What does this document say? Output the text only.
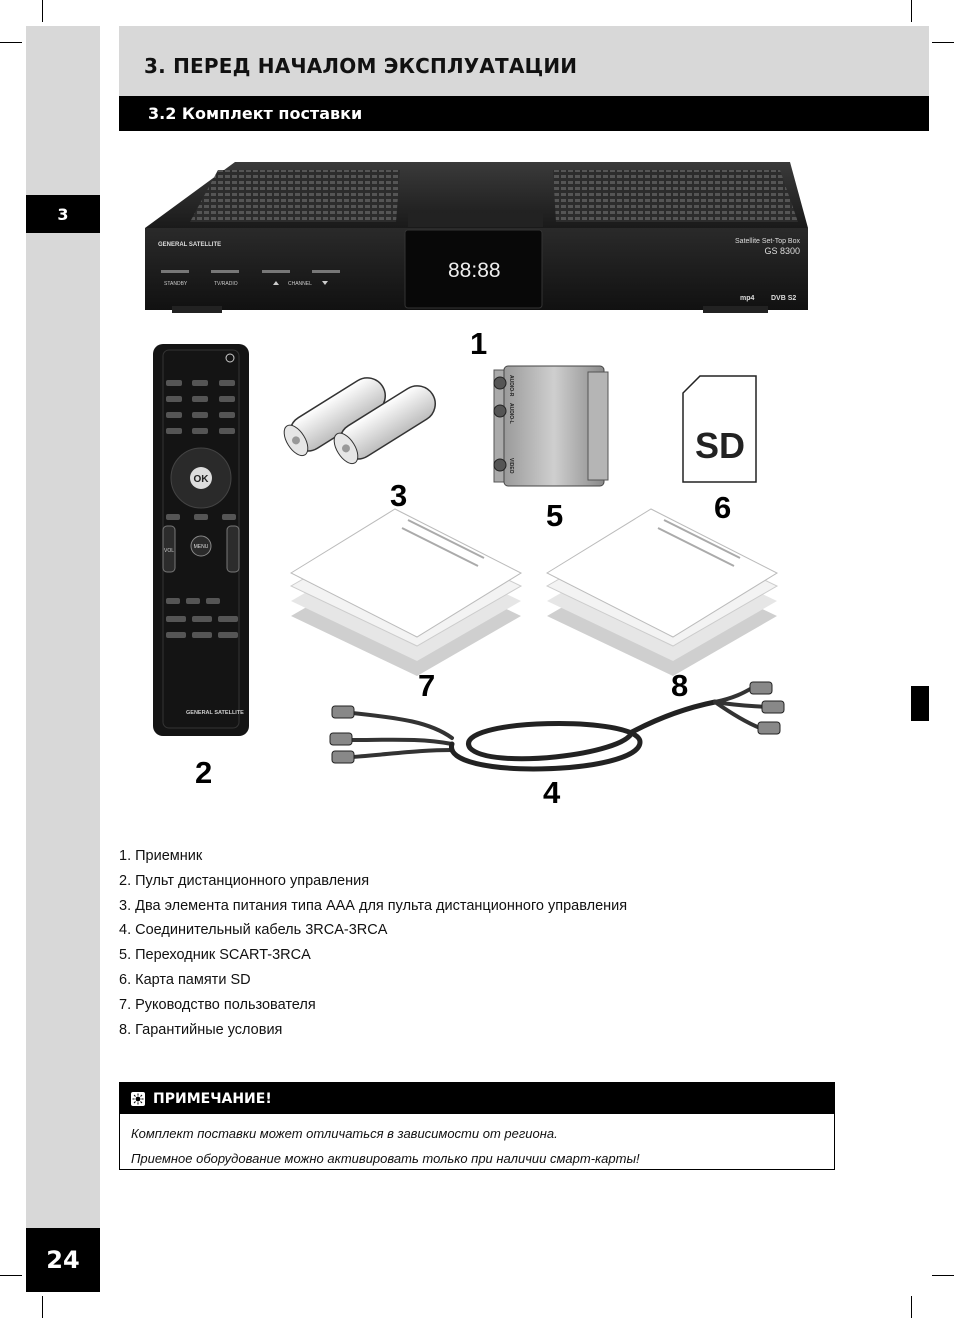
3
24
3. ПЕРЕД НАЧАЛОМ ЭКСПЛУАТАЦИИ
3.2 Комплект поставки
GENERAL SATELLITE
STANDBY	TV/RADIO	CHANNEL
88:88
Satellite Set-Top Box
GS 8300
mp4 DVB S2
OK
VOL
MENU
GENERAL SATELLITE
AUDIO-R
AUDIO-L
VIDEO	SD
1
2
3
4
5	6
7	8
1. Приемник
2. Пульт дистанционного управления
3. Два элемента питания типа ААА для пульта дистанционного управления
4. Соединительный кабель 3RCA-3RCA
5. Переходник SCART-3RCA
6. Карта памяти SD
7. Руководство пользователя
8. Гарантийные условия
ПРИМЕЧАНИЕ!

Комплект поставки может отличаться в зависимости от региона.

Приемное оборудование можно активировать только при наличии смарт-карты!
